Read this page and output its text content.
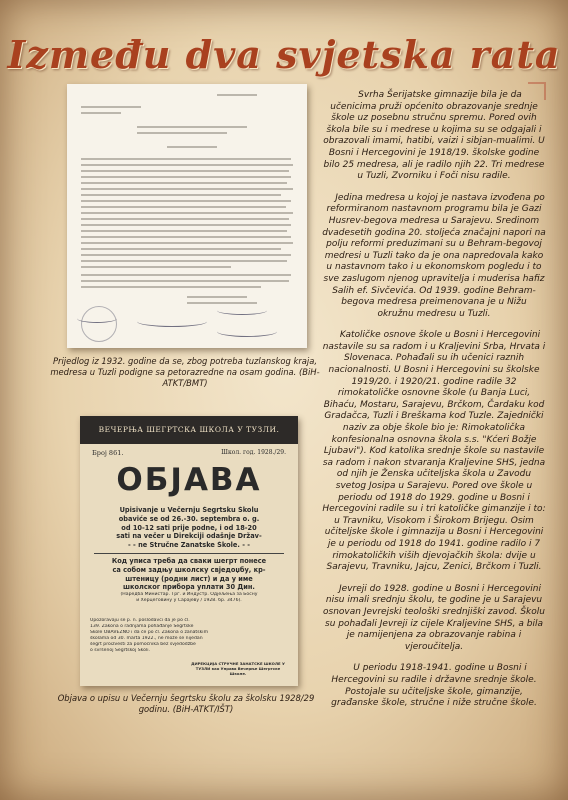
Između dva svjetska rata
Prijedlog iz 1932. godine da se, zbog potreba tuzlanskog kraja, medresa u Tuzli podigne sa petorazredne na osam godina. (BiH-ATKT/BMT)
ВЕЧЕРЊА ШЕГРТСКА ШКОЛА У ТУЗЛИ.
Број 861.	Школ. год. 1928./29.
ОБЈАВА
Upisivanje u Večernju Šegrtsku Školu
obaviće se od 26.-30. septembra o. g.
od 10-12 sati prije podne, i od 18-20
sati na večer u Direkciji odašnje Držav-
- - ne Stručne Zanatske Škole. - -
Код уписа треба да сваки шегрт понесе
са собом задњу школску свједоџбу, кр-
штеницу (родни лист) и да у име
школског прибора уплати 30 Дин.
(Наредба Министар. Трг. и Индустр. Одјељења за Босну
и Херцеговину у Сарајеву / 1928. бр. 3476).
Upozoravaju se p. n. poslodavci da je po čl.
139. Zakona o radnjama pohađanje Šegrtske
Škole OBAVEZNO i da će po čl. Zakona o zanatskim
školama od 30. marta 1922., ne može se nijedan
šegrt proizvesti za pomoćnika bez svjedodžbe
o svršenoj Šegrtskoj Školi.
ДИРЕКЦИЈА СТРУЧНЕ ЗАНАТСКЕ ШКОЛЕ У ТУЗЛИ као Управа Вечерње Шегртске Школе.
Objava o upisu u Večernju šegrtsku školu za školsku 1928/29 godinu. (BiH-ATKT/IŠT)

Svrha Šerijatske gimnazije bila je da učenicima pruži općenito obrazovanje srednje škole uz posebnu stručnu spremu. Pored ovih škola bile su i medrese u kojima su se odgajali i obrazovali imami, hatibi, vaizi i sibjan-mualimi. U Bosni i Hercegovini je 1918/19. školske godine bilo 25 medresa, ali je radilo njih 22. Tri medrese u Tuzli, Zvorniku i Foči nisu radile.

Jedina medresa u kojoj je nastava izvođena po reformiranom nastavnom programu bila je Gazi Husrev-begova medresa u Sarajevu. Sredinom dvadesetih godina 20. stoljeća značajni napori na polju reformi preduzimani su u Behram-begovoj medresi u Tuzli tako da je ona napredovala kako u nastavnom tako i u ekonomskom pogledu i to sve zaslugom njenog upravitelja i muderisa hafiz Salih ef. Sivčevića. Od 1939. godine Behram-begova medresa preimenovana je u Nižu okružnu medresu u Tuzli.

Katoličke osnove škole u Bosni i Hercegovini nastavile su sa radom i u Kraljevini Srba, Hrvata i Slovenaca. Pohađali su ih učenici raznih nacionalnosti. U Bosni i Hercegovini su školske 1919/20. i 1920/21. godine radile 32 rimokatoličke osnovne škole (u Banja Luci, Bihaću, Mostaru, Sarajevu, Brčkom, Čardaku kod Gradačca, Tuzli i Breškama kod Tuzle. Zajednički naziv za obje škole bio je: Rimokatolička konfesionalna osnovna škola s.s. "Kćeri Božje Ljubavi"). Kod katolika srednje škole su nastavile sa radom i nakon stvaranja Kraljevine SHS, jedna od njih je Ženska učiteljska škola u Zavodu svetog Josipa u Sarajevu. Pored ove škole u periodu od 1918 do 1929. godine u Bosni i Hercegovini radile su i tri katoličke gimanzije i to: u Travniku, Visokom i Širokom Brijegu. Osim učiteljske škole i gimnazija u Bosni i Hercegovini je u periodu od 1918 do 1941. godine radilo i 7 rimokatoličkih viših djevojačkih škola: dvije u Sarajevu, Travniku, Jajcu, Zenici, Brčkom i Tuzli.

Jevreji do 1928. godine u Bosni i Hercegovini nisu imali srednju školu, te godine je u Sarajevu osnovan Jevrejski teološki srednjiški zavod. Školu su pohađali Jevreji iz cijele Kraljevine SHS, a bila je namijenjena za obrazovanje rabina i vjeroučitelja.

U periodu 1918-1941. godine u Bosni i Hercegovini su radile i državne srednje škole. Postojale su učiteljske škole, gimanzije, građanske škole, stručne i niže stručne škole.
